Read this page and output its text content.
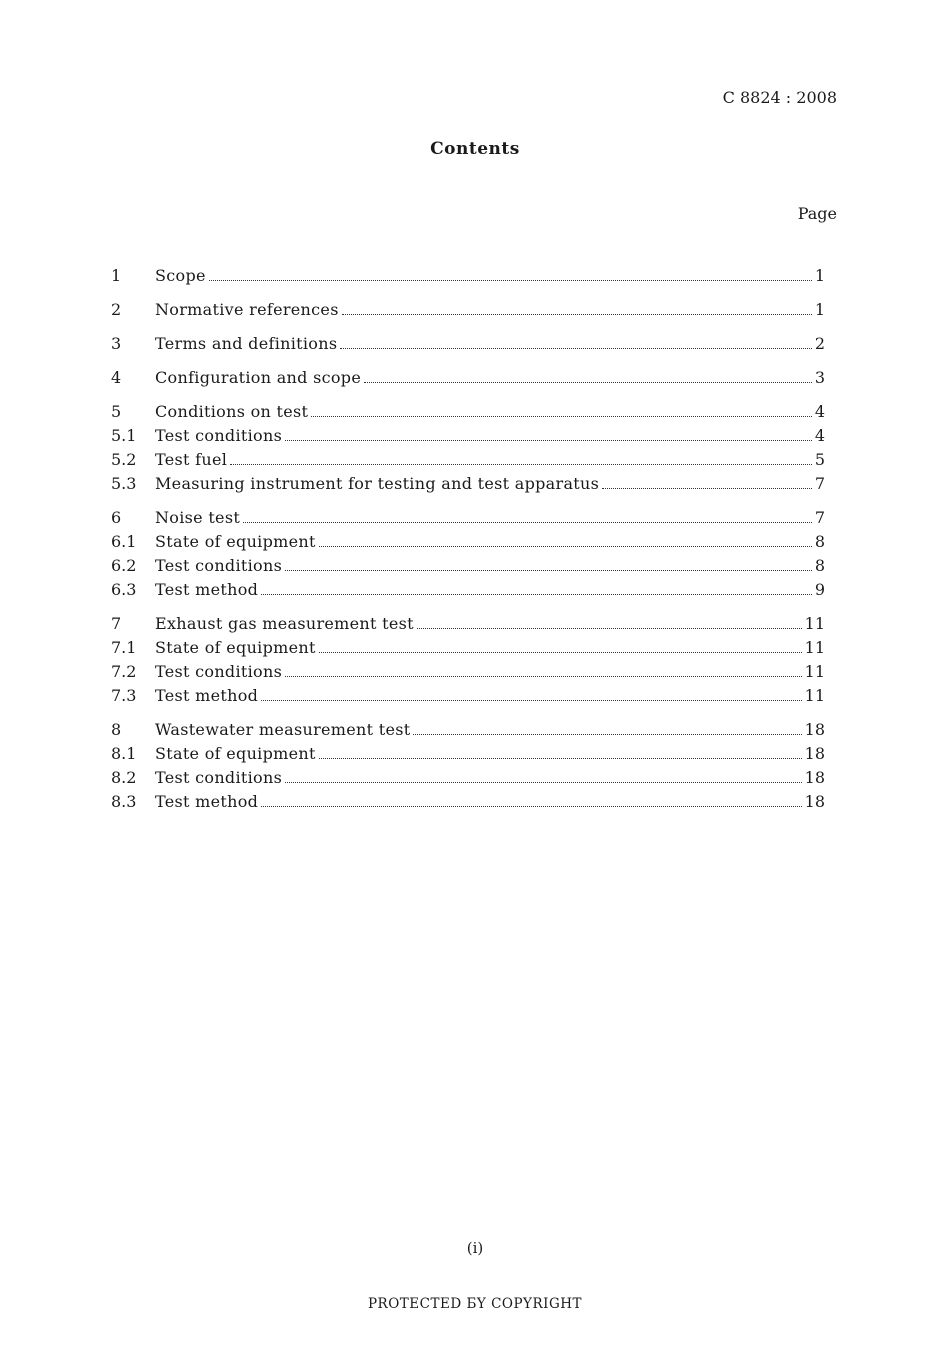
C 8824 : 2008
Contents
Page
1	Scope	1
2	Normative references	1
3	Terms and definitions	2
4	Configuration and scope	3
5	Conditions on test	4
5.1	Test conditions	4
5.2	Test fuel	5
5.3	Measuring instrument for testing and test apparatus	7
6	Noise test	7
6.1	State of equipment	8
6.2	Test conditions	8
6.3	Test method	9
7	Exhaust gas measurement test	11
7.1	State of equipment	11
7.2	Test conditions	11
7.3	Test method	11
8	Wastewater measurement test	18
8.1	State of equipment	18
8.2	Test conditions	18
8.3	Test method	18
(i)
PROTECTED БY COPYRIGHT
